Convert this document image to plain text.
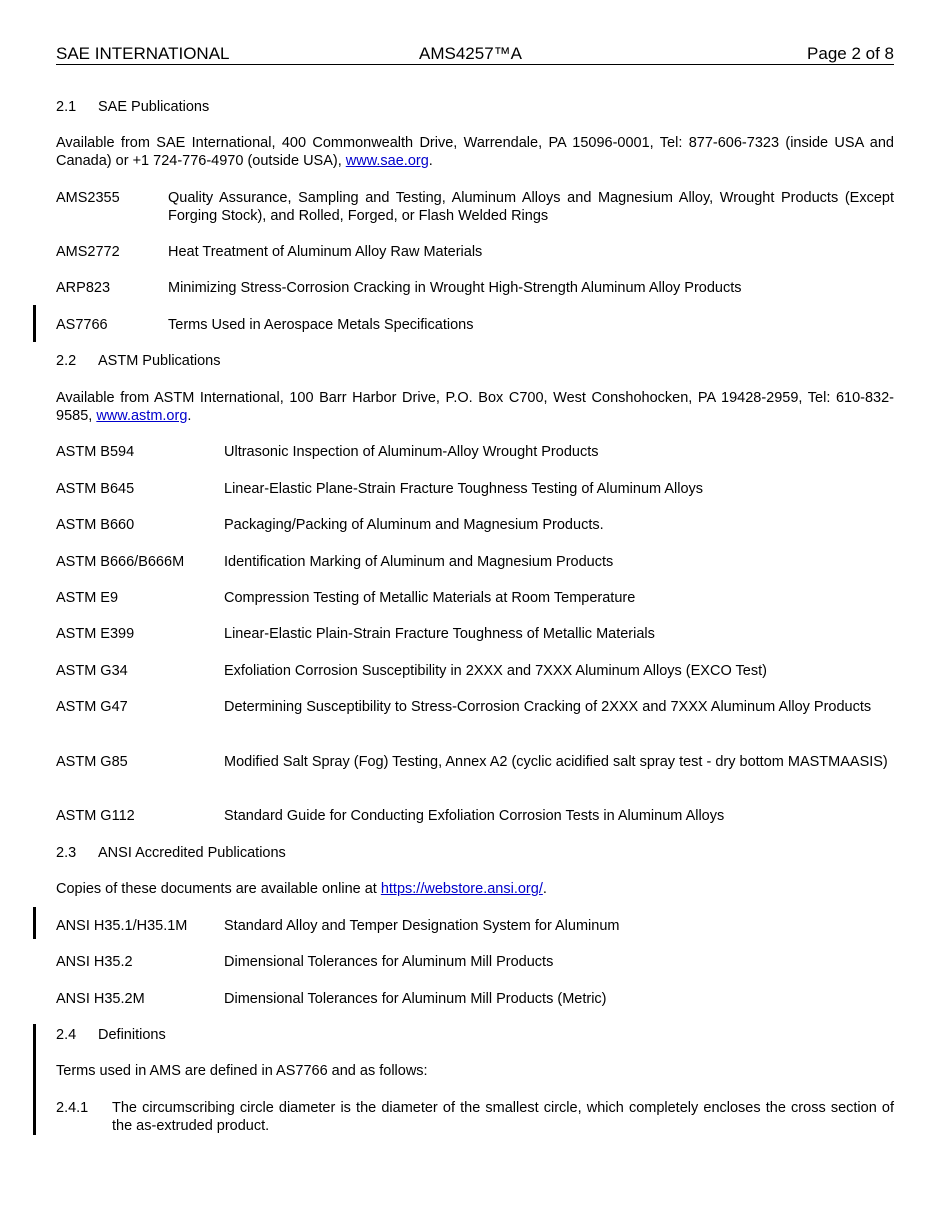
SAE INTERNATIONAL	AMS4257™A	Page 2 of 8
2.1 SAE Publications
Available from SAE International, 400 Commonwealth Drive, Warrendale, PA 15096-0001, Tel: 877-606-7323 (inside USA and Canada) or +1 724-776-4970 (outside USA), www.sae.org.
AMS2355	Quality Assurance, Sampling and Testing, Aluminum Alloys and Magnesium Alloy, Wrought Products (Except Forging Stock), and Rolled, Forged, or Flash Welded Rings
AMS2772	Heat Treatment of Aluminum Alloy Raw Materials
ARP823	Minimizing Stress-Corrosion Cracking in Wrought High-Strength Aluminum Alloy Products
AS7766	Terms Used in Aerospace Metals Specifications
2.2 ASTM Publications
Available from ASTM International, 100 Barr Harbor Drive, P.O. Box C700, West Conshohocken, PA 19428-2959, Tel: 610-832-9585, www.astm.org.
ASTM B594	Ultrasonic Inspection of Aluminum-Alloy Wrought Products
ASTM B645	Linear-Elastic Plane-Strain Fracture Toughness Testing of Aluminum Alloys
ASTM B660	Packaging/Packing of Aluminum and Magnesium Products.
ASTM B666/B666M	Identification Marking of Aluminum and Magnesium Products
ASTM E9	Compression Testing of Metallic Materials at Room Temperature
ASTM E399	Linear-Elastic Plain-Strain Fracture Toughness of Metallic Materials
ASTM G34	Exfoliation Corrosion Susceptibility in 2XXX and 7XXX Aluminum Alloys (EXCO Test)
ASTM G47	Determining Susceptibility to Stress-Corrosion Cracking of 2XXX and 7XXX Aluminum Alloy Products
ASTM G85	Modified Salt Spray (Fog) Testing, Annex A2 (cyclic acidified salt spray test - dry bottom MASTMAASIS)
ASTM G112	Standard Guide for Conducting Exfoliation Corrosion Tests in Aluminum Alloys
2.3 ANSI Accredited Publications
Copies of these documents are available online at https://webstore.ansi.org/.
ANSI H35.1/H35.1M	Standard Alloy and Temper Designation System for Aluminum
ANSI H35.2	Dimensional Tolerances for Aluminum Mill Products
ANSI H35.2M	Dimensional Tolerances for Aluminum Mill Products (Metric)
2.4 Definitions
Terms used in AMS are defined in AS7766 and as follows:
2.4.1 The circumscribing circle diameter is the diameter of the smallest circle, which completely encloses the cross section of the as-extruded product.
